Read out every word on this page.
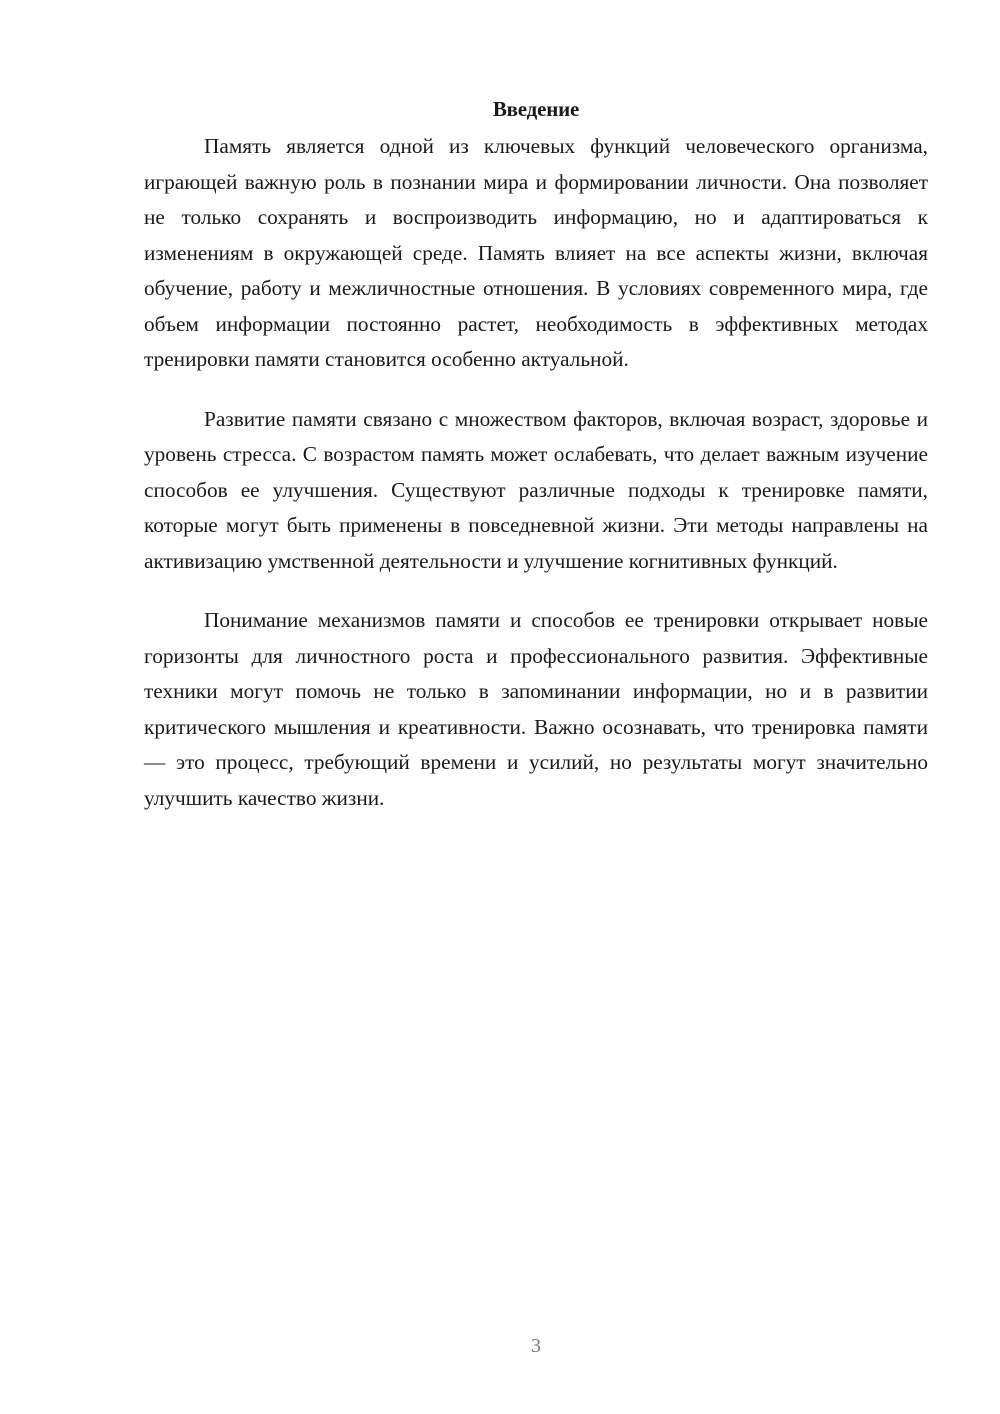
Введение

Память является одной из ключевых функций человеческого организма, играющей важную роль в познании мира и формировании личности. Она позволяет не только сохранять и воспроизводить информацию, но и адаптироваться к изменениям в окружающей среде. Память влияет на все аспекты жизни, включая обучение, работу и межличностные отношения. В условиях современного мира, где объем информации постоянно растет, необходимость в эффективных методах тренировки памяти становится особенно актуальной.

Развитие памяти связано с множеством факторов, включая возраст, здоровье и уровень стресса. С возрастом память может ослабевать, что делает важным изучение способов ее улучшения. Существуют различные подходы к тренировке памяти, которые могут быть применены в повседневной жизни. Эти методы направлены на активизацию умственной деятельности и улучшение когнитивных функций.

Понимание механизмов памяти и способов ее тренировки открывает новые горизонты для личностного роста и профессионального развития. Эффективные техники могут помочь не только в запоминании информации, но и в развитии критического мышления и креативности. Важно осознавать, что тренировка памяти — это процесс, требующий времени и усилий, но результаты могут значительно улучшить качество жизни.

3
